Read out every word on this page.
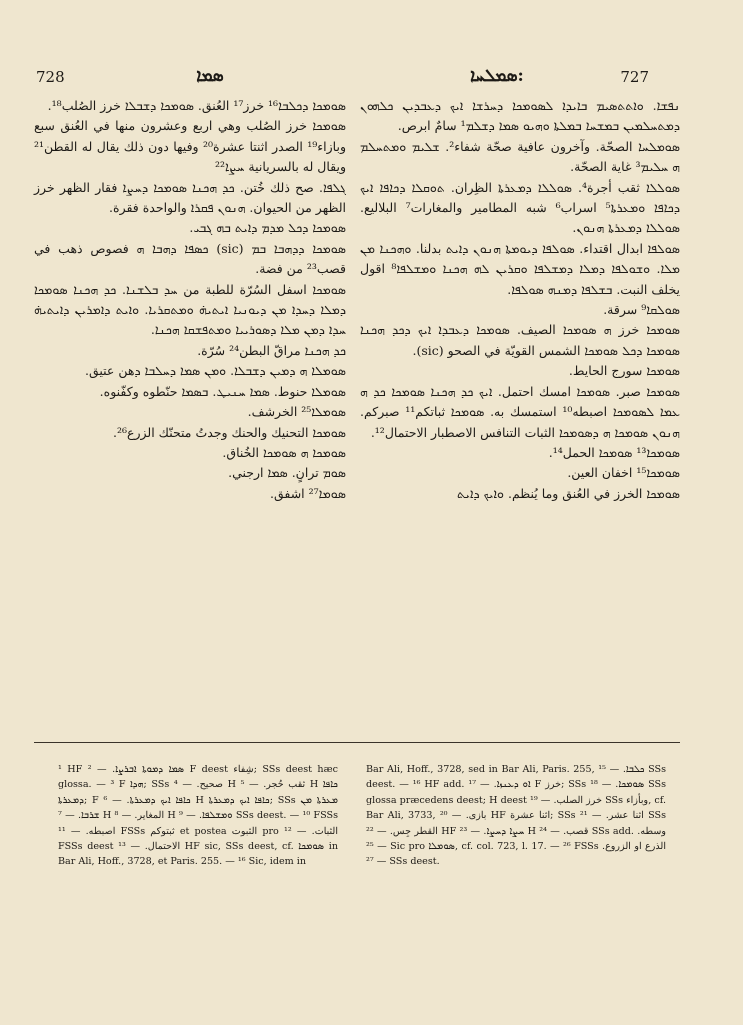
728	ܣܡܐ	ܣܡܠܚܐ:	727

ܣܘܡܟܐ ܕܟܠܒܐ¹⁶ خرز¹⁷ العُنق. ܣܘܡܟܐ ܕܫܒܠܐ خرز الصُلب¹⁸.

ܣܘܡܟܐ خرز الصُلب وهي اربع وعشرون منها في العُنق سبع وبازاء¹⁹ الصدر اثنتا عشرة²⁰ وفيها دون ذلك يقال له القطن²¹ ويقال له بالسريانية ܚܨܐ²²

ܓܠܦܐ. صح ذلك خُتن. ܟܕ ܗܟܢܐ ܣܘܡܟܐ ܕܚܨܐ فقار الظهر خرز الظهر من الحيوان. ܗܢܘܢ ܦܩܪܐ والواحدة فقرة.

ܣܘܡܟܐ ܕܟܠ ܡܕܡ ܕܐܝܬ ܒܗ ܓܒܝ.

ܣܘܡܟܐ ܕܕܗܒܐ ܒܡ (sic) ܟܣܦܐ ܕܗܒܐ ܗ فصوص ذهب في قصب²³ من فضة.

ܣܘܡܟܐ اسفل السُرّة للطبة من ܚܕ ܒܠܫܢܐ. ܟܕ ܗܟܢܐ ܣܘܡܟܐ ܕܡܠܐ ܕܚܕܐ ܡܢ ܕܝܘܢܝܐ ܐܝܬܝܗ̇ ܘܡܬܩܪܝܐ. ܘܐܝܬ ܕܐܡܪܝܢ ܕܐܝܬܝܗ̇ ܚܕܐ ܕܡܢ ܡܠܐ ܕܣܘܪܝܝܐ ܘܡܬܦܫܩܐ ܗܟܢܐ.

ܟܕ ܗܟܢܐ مراقّ البطن²⁴ سُرّة.

ܣܘܡܠܐ ܗ ܕܡܝܢ ܕܫܒܠܐ. ܘܡܢ ܣܡܐ ܕܚܠܒܐ ܕهن عتيق.

ܣܘܡܠܐ حنوط. ܣܡܐ ܚܢܝܛ. ܒܣܡܐ حنّطوه وكفّنوه.

ܣܘܡܠܐ²⁵ الخرشف.

ܣܘܡܟܐ التحنيك والحنك وجدتُ متحنّك الزرع²⁶.

ܣܘܡܟܐ ܗ ܣܘܡܟܐ الخُناق.

ܣܘܡ ترانٍ. ܣܡܐ ارجني.

ܣܘܡܐ²⁷ اشفق.

ܢܦܫܐ. ܘܐܬܬܣܝܡ ܒܐܝܕܐ ܠܣܘܡܟܐ ܕܚܪܫܐ ܐܝܟ ܕܥܒܕܝܢ ܟܠܗܘܢ ܕܡܬܚܠܡܝܢ ܒܡܫܚܐ ܒܡܠܬܐ ܘܗܝܘ ܣܡܐ ܕܫܠܡ¹ سامٌ ابرص.

ܣܘܡܠܚܐ الصحّة. وآخرون عافية صحّة شفاء². ܫܠܝܡ ܘܡܬܚܠܡ ܗ ܚܠܝܡ³ غاية الصحّة.

ܣܘܠܠܐ ثقب أجرة⁴. ܣܘܠܠܐ ܕܡܥܪܬܐ الظِران. ܬܘܩܠܐ ܕܟܐܦܐ ܐܝܟ ܕܟܐܦܐ ܘܡܥܪܬܐ⁵ اسراب⁶ شبه المطامير والمغارات⁷ البلاليع. ܣܘܠܠܐ ܕܡܥܪܬܐ ܗܢܘܢ.

ܣܘܠܦܐ ابدال اقتداء. ܣܘܠܦܐ ܕܝܘܡܬܐ ܗܢܘܢ ܕܐܝܬ بدلنا. ܘܗܟܢܐ ܡܢ ܡܠܐ. ܘܫܘܠܦܐ ܕܡܠܐ ܕܡܫܠܦܐ ܘܩܪܝܢ ܠܗ ܗܟܢܐ ܘܡܫܠܦܐ⁸ اقول يخلف النبت. ܒܫܠܦܐ ܕܡܢܗ ܣܘܠܦܐ.

ܣܘܠܩܐ⁹ سرقة.

ܣܘܡܟܐ خرز ܗ ܣܘܡܟܐ الصيف. ܣܘܡܟܐ ܕܥܒܕܐ ܐܝܟ ܕܟܕ ܗܟܢܐ ܣܘܡܟܐ ܕܟܠ ܣܘܡܟܐ الشمس القويّة في الصحو (sic).

ܣܘܡܟܐ سورج الحايط.

ܣܘܡܟܐ صبر. ܣܘܡܟܐ امسك احتمل. ܐܝܟ ܟܕ ܗܟܢܐ ܣܘܡܟܐ ܟܕ ܗ ܥܡܐ ܠܣܘܡܟܐ اصبطه¹⁰ استمسك به. ܣܘܡܟܐ ثباتكم¹¹ صبركم. ܗܢܘܢ ܣܘܡܟܐ ܗ ܕܣܘܡܟܐ الثبات التنافس الاصطبار الاحتمال¹².

ܣܘܡܟܐ¹³ ܣܘܡܟܐ الحمل¹⁴.

ܣܘܡܟܐ¹⁵ اخفان العين.

ܣܘܡܟܐ الخرز في العُنق وما يُنظم. ܘܐܝܟ ܕܐܝܬ

¹ HF ܣܡܐ ܕܡܘܬܐ ܐܒܪܨܐ. — ² F deest شِفاء; SSs deest hæc glossa. — ³ F ܗܕܐ; SSs صحيح. — ⁴ H ثقب حُجر. — ⁵ H ܟܐܦܐ ܕܡܥܪܬܐ; F ܟܐܦܐ ܐܝܟ ܕܡܥܪܬܐ. — ⁶ H ܟܐܦܐ ܐܝܟ ܕܡܥܪܬܐ; SSs ܡܥܪܬܐ ܡܢ ܫܪܒܐ. — ⁷ H المغاير. — ⁸ H ܘܡܫܠܦܐ. — ⁹ SSs deest. — ¹⁰ FSSs اصبطه. — ¹¹ FSSs ثبتوكم et postea الثبوت pro الثبات. — ¹² FSSs deest الاحتمال. — ¹³ HF sic, SSs deest, cf. ܣܘܡܟܐ in Bar Ali, Hoff., 3728, et Paris. 255. — ¹⁶ Sic, idem in

Bar Ali, Hoff., 3728, sed in Bar Ali, Paris. 255, ܟܠܒܐ. — ¹⁵ SSs deest. — ¹⁶ HF add. ܐܘ ܕܥܢܙܐ. — ¹⁷ F خرز; SSs ܣܘܡܟܐ. — ¹⁸ SSs glossa præcedens deest; H deest خرز الصلب. — ¹⁹ SSs وبأزاء, cf. Bar Ali, 3733, بازى. — ²⁰ HF اثنا عشرة; SSs اثنا عشر. — ²¹ SSs القطر جِس. — ²² HF ܚܨܐ ܕܚܨܐ. — ²³ H قصب. — ²⁴ SSs add. وسطه. — ²⁵ Sic pro ܣܘܡܠܐ, cf. col. 723, l. 17. — ²⁶ FSSs الذرع او الزروع. — ²⁷ SSs deest.
